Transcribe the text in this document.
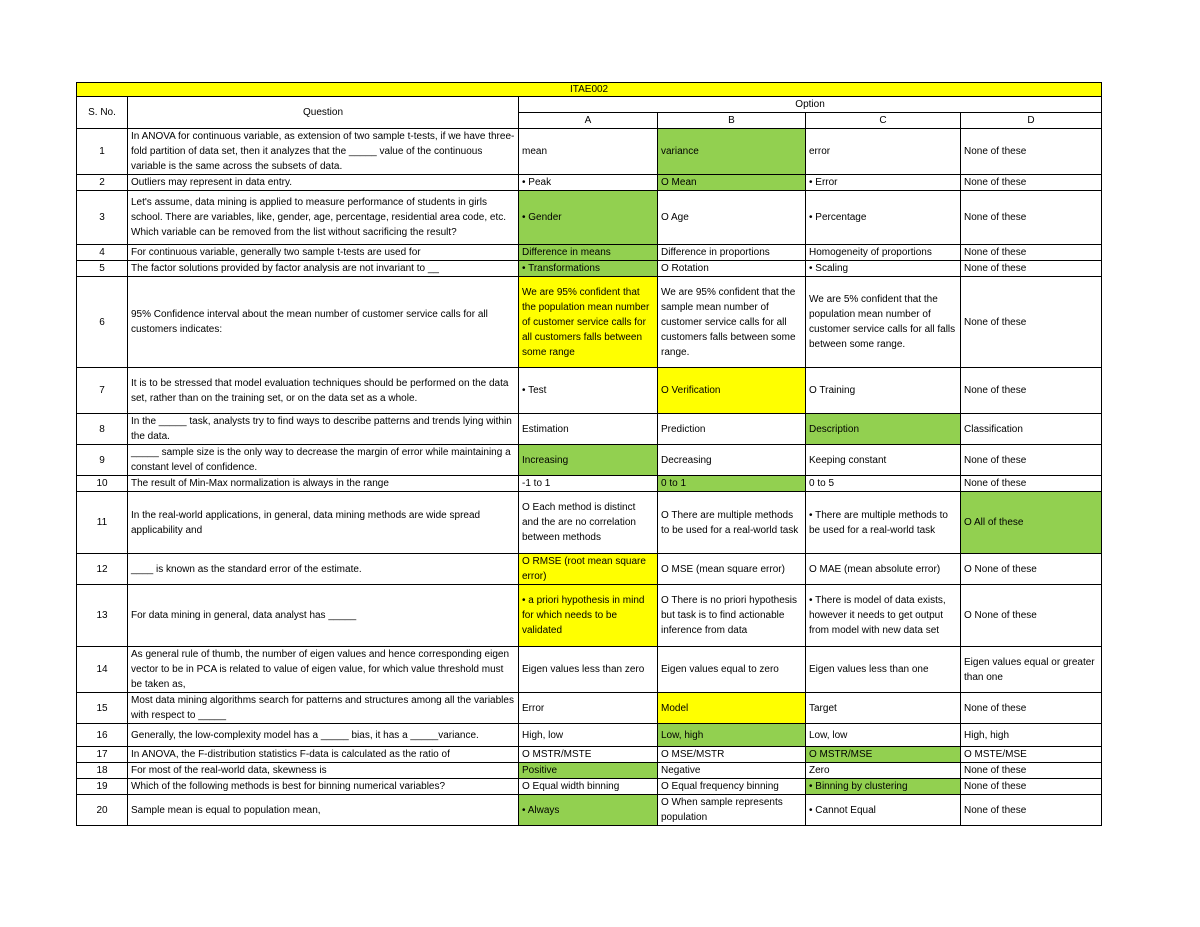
ITAE002					
S. No.	Question	Option			
		A	B	C	D
1	In ANOVA for continuous variable, as extension of two sample t-tests, if we have three-fold partition of data set, then it analyzes that the _____ value of the continuous variable is the same across the subsets of data.	mean	variance	error	None of these
2	Outliers may represent in data entry.	• Peak	O Mean	• Error	None of these
3	Let's assume, data mining is applied to measure performance of students in girls school. There are variables, like, gender, age, percentage, residential area code, etc. Which variable can be removed from the list without sacrificing the result?	• Gender	O Age	• Percentage	None of these
4	For continuous variable, generally two sample t-tests are used for	Difference in means	Difference in proportions	Homogeneity of proportions	None of these
5	The factor solutions provided by factor analysis are not invariant to __	• Transformations	O Rotation	• Scaling	None of these
6	95% Confidence interval about the mean number of customer service calls for all customers indicates:	We are 95% confident that the population mean number of customer service calls for all customers falls between some range	We are 95% confident that the sample mean number of customer service calls for all customers falls between some range.	We are 5% confident that the population mean number of customer service calls for all falls between some range.	None of these
7	It is to be stressed that model evaluation techniques should be performed on the data set, rather than on the training set, or on the data set as a whole.	• Test	O Verification	O Training	None of these
8	In the _____ task, analysts try to find ways to describe patterns and trends lying within the data.	Estimation	Prediction	Description	Classification
9	_____ sample size is the only way to decrease the margin of error while maintaining a constant level of confidence.	Increasing	Decreasing	Keeping constant	None of these
10	The result of Min-Max normalization is always in the range	-1 to 1	0 to 1	0 to 5	None of these
11	In the real-world applications, in general, data mining methods are wide spread applicability and	O Each method is distinct and the are no correlation between methods	O There are multiple methods to be used for a real-world task	• There are multiple methods to be used for a real-world task	O All of these
12	____ is known as the standard error of the estimate.	O RMSE (root mean square error)	O MSE (mean square error)	O MAE (mean absolute error)	O None of these
13	For data mining in general, data analyst has _____	• a priori hypothesis in mind for which needs to be validated	O There is no priori hypothesis but task is to find actionable inference from data	• There is model of data exists, however it needs to get output from model with new data set	O None of these
14	As general rule of thumb, the number of eigen values and hence corresponding eigen vector to be in PCA is related to value of eigen value, for which value threshold must be taken as,	Eigen values less than zero	Eigen values equal to zero	Eigen values less than one	Eigen values equal or greater than one
15	Most data mining algorithms search for patterns and structures among all the variables with respect to _____	Error	Model	Target	None of these
16	Generally, the low-complexity model has a _____ bias, it has a _____variance.	High, low	Low, high	Low, low	High, high
17	In ANOVA, the F-distribution statistics F-data is calculated as the ratio of	O MSTR/MSTE	O MSE/MSTR	O MSTR/MSE	O MSTE/MSE
18	For most of the real-world data, skewness is	Positive	Negative	Zero	None of these
19	Which of the following methods is best for binning numerical variables?	O Equal width binning	O Equal frequency binning	• Binning by clustering	None of these
20	Sample mean is equal to population mean,	• Always	O When sample represents population	• Cannot Equal	None of these
